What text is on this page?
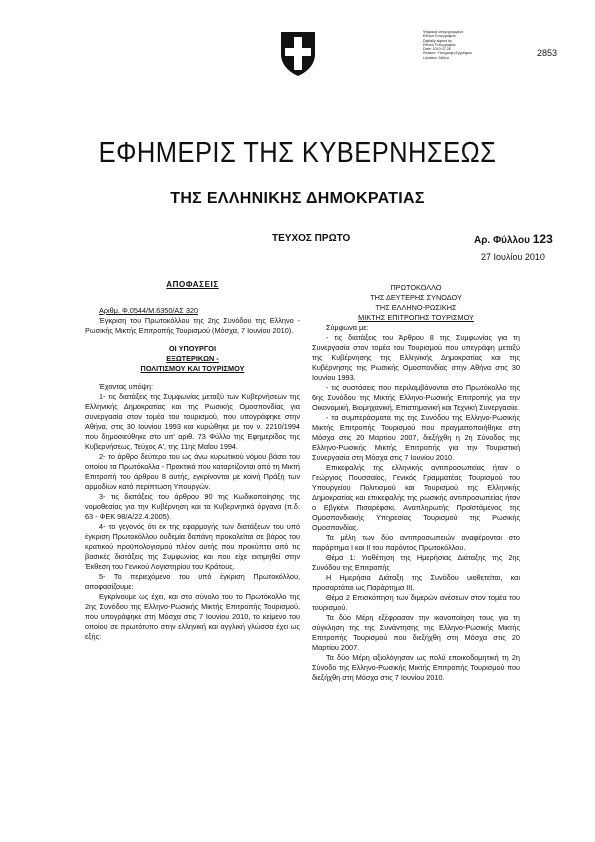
Ψηφιακά υπογεγραμμένο
Εθνικό Τυπογραφείο
Digitally signed by
Εθνικό Τυπογραφείο
Date: 2010.07.28
Reason: Υπογραφή Εγγράφου
Location: Αθήνα	2853
ΕΦΗΜΕΡΙΣ ΤΗΣ ΚΥΒΕΡΝΗΣΕΩΣ
ΤΗΣ ΕΛΛΗΝΙΚΗΣ ΔΗΜΟΚΡΑΤΙΑΣ
ΤΕΥΧΟΣ ΠΡΩΤΟ	Αρ. Φύλλου 123
27 Ιουλίου 2010

ΑΠΟΦΑΣΕΙΣ

Αριθμ. Φ.0544/Μ.6350/ΑΣ 320

Έγκριση του Πρωτοκόλλου της 2ης Συνόδου της Ελληνο - Ρωσικής Μικτής Επιτροπής Τουρισμού (Μόσχα, 7 Ιουνίου 2010).

ΟΙ ΥΠΟΥΡΓΟΙ

ΕΞΩΤΕΡΙΚΩΝ -

ΠΟΛΙΤΙΣΜΟΥ ΚΑΙ ΤΟΥΡΙΣΜΟΥ

Έχοντας υπόψη:

1- τις διατάξεις της Συμφωνίας μεταξύ των Κυβερνήσεων της Ελληνικής Δημοκρατίας και της Ρωσικής Ομοσπονδίας για συνεργασία στον τομέα του τουρισμού, που υπογράφηκε στην Αθήνα, στις 30 Ιουνίου 1993 και κυρώθηκε με τον ν. 2210/1994 που δημοσιεύθηκε στο υπ' αριθ. 73 Φύλλο της Εφημερίδος της Κυβερνήσεως, Τεύχος Α', της 11ης Μαΐου 1994.

2- το άρθρο δεύτερο του ως άνω κυρωτικού νόμου βάσει του οποίου τα Πρωτόκολλα - Πρακτικά που καταρτίζονται από τη Μικτή Επιτροπή του άρθρου 8 αυτής, εγκρίνονται με κοινή Πράξη των αρμοδίων κατά περίπτωση Υπουργών.

3- τις διατάξεις του άρθρου 90 της Κωδικοποίησης της νομοθεσίας για την Κυβέρνηση και τα Κυβερνητικά όργανα (π.δ. 63 - ΦΕΚ 98/Α/22.4.2005).

4- το γεγονός ότι εκ της εφαρμογής των διατάξεων του υπό έγκριση Πρωτοκόλλου ουδεμία δαπάνη προκαλείται σε βάρος του κρατικού προϋπολογισμού πλέον αυτής που προκύπτει από τις βασικές διατάξεις της Συμφωνίας και που είχε εκτιμηθεί στην Έκθεση του Γενικού Λογιστηρίου του Κράτους.

5- Το περιεχόμενο του υπό έγκριση Πρωτοκόλλου, αποφασίζουμε:

Εγκρίνουμε ως έχει, και στο σύνολο του το Πρωτόκολλο της 2ης Συνόδου της Ελληνο-Ρωσικής Μικτής Επιτροπής Τουρισμού, που υπογράφηκε στη Μόσχα στις 7 Ιουνίου 2010, το κείμενο του οποίου σε πρωτότυπο στην ελληνική και αγγλική γλώσσα έχει ως εξής:

ΠΡΩΤΟΚΟΛΛΟ

ΤΗΣ ΔΕΥΤΕΡΗΣ ΣΥΝΟΔΟΥ

ΤΗΣ ΕΛΛΗΝΟ-ΡΩΣΙΚΗΣ

ΜΙΚΤΗΣ ΕΠΙΤΡΟΠΗΣ ΤΟΥΡΙΣΜΟΥ

Σύμφωνα με:

- τις διατάξεις του Άρθρου 8 της Συμφωνίας για τη Συνεργασία στον τομέα του Τουρισμού που υπεγράφη μεταξύ της Κυβέρνησης της Ελληνικής Δημοκρατίας και της Κυβέρνησης της Ρωσικής Ομοσπονδίας στην Αθήνα στις 30 Ιουνίου 1993.

- τις συστάσεις που περιλαμβάνονται στο Πρωτόκολλο της 6ης Συνόδου της Μικτής Ελληνο-Ρωσικής Επιτροπής για την Οικονομική, Βιομηχανική, Επιστημονική και Τεχνική Συνεργασία.

- τα συμπεράσματα της της Συνόδου της Ελληνο-Ρωσικής Μικτής Επιτροπής Τουρισμού που πραγματοποιήθηκε στη Μόσχα στις 20 Μαρτίου 2007, διεξήχθη η 2η Σύνοδος της Ελληνο-Ρωσικής Μικτής Επιτροπής για την Τουριστική Συνεργασία στη Μόσχα στις 7 Ιουνίου 2010.

Επικεφαλής της ελληνικής αντιπροσωπείας ήταν ο Γεώργιος Πουσσαίος, Γενικός Γραμματέας Τουρισμού του Υπουργείου Πολιτισμού και Τουρισμού της Ελληνικής Δημοκρατίας και επικεφαλής της ρωσικής αντιπροσωπείας ήταν ο Εβγκένι Πισαρέφσκι, Αναπληρωτής Προϊστάμενος της Ομοσπονδιακής Υπηρεσίας Τουρισμού της Ρωσικής Ομοσπονδίας.

Τα μέλη των δύο αντιπροσωπειών αναφέρονται στο παράρτημα I και II του παρόντος Πρωτοκόλλου.

Θέμα 1: Υιοθέτηση της Ημερήσιας Διάταξης της 2ης Συνόδου της Επιτροπής

Η Ημερήσια Διάταξη της Συνόδου υιοθετείται, και προσαρτάται ως Παράρτημα III.

Θέμα 2 Επισκόπηση των διμερών ανέσεων στον τομέα του τουρισμού.

Τα δύο Μέρη εξέφρασαν την ικανοποίηση τους για τη σύγκληση της της Συνάντησης της Ελληνο-Ρωσικής Μικτής Επιτροπής Τουρισμού που διεξήχθη στη Μόσχα στις 20 Μαρτίου 2007.

Τα δύο Μέρη αξιολόγησαν ως πολύ εποικοδομητική τη 2η Σύνοδο της Ελληνο-Ρωσικής Μικτής Επιτροπής Τουρισμού που διεξήχθη στη Μόσχα στις 7 Ιουνίου 2010.
